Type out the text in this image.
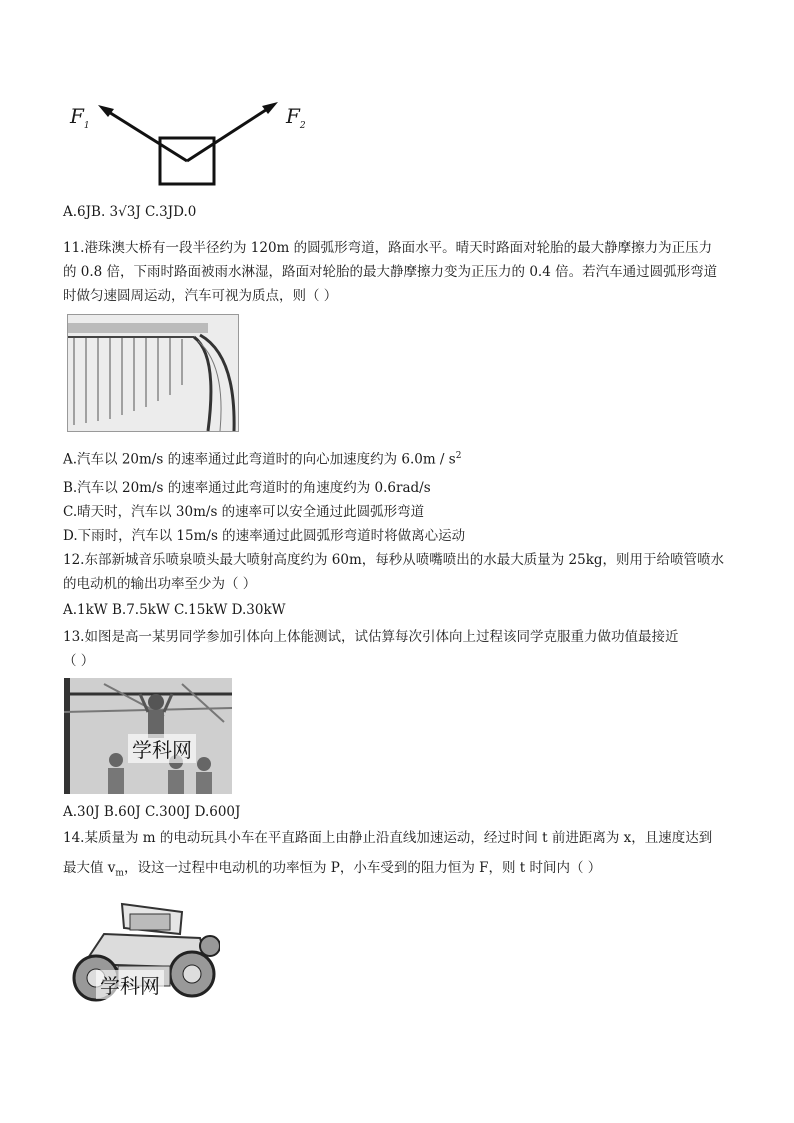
$F_1$	$F_2$
A.6JB. 3√3J C.3JD.0
11.港珠澳大桥有一段半径约为 120m 的圆弧形弯道，路面水平。晴天时路面对轮胎的最大静摩擦力为正压力
的 0.8 倍，下雨时路面被雨水淋湿，路面对轮胎的最大静摩擦力变为正压力的 0.4 倍。若汽车通过圆弧形弯道
时做匀速圆周运动，汽车可视为质点，则（ ）
A.汽车以 20m/s 的速率通过此弯道时的向心加速度约为 $6.0m / s^2$
B.汽车以 20m/s 的速率通过此弯道时的角速度约为 0.6rad/s
C.晴天时，汽车以 30m/s 的速率可以安全通过此圆弧形弯道
D.下雨时，汽车以 15m/s 的速率通过此圆弧形弯道时将做离心运动
12.东部新城音乐喷泉喷头最大喷射高度约为 60m，每秒从喷嘴喷出的水最大质量为 25kg，则用于给喷管喷水
的电动机的输出功率至少为（ ）
A.1kW B.7.5kW C.15kW D.30kW
13.如图是高一某男同学参加引体向上体能测试，试估算每次引体向上过程该同学克服重力做功值最接近
（ ）
学科网
A.30J B.60J C.300J D.600J
14.某质量为 m 的电动玩具小车在平直路面上由静止沿直线加速运动，经过时间 t 前进距离为 x，且速度达到
最大值 $v_m$，设这一过程中电动机的功率恒为 P，小车受到的阻力恒为 F，则 t 时间内（ ）
学科网
